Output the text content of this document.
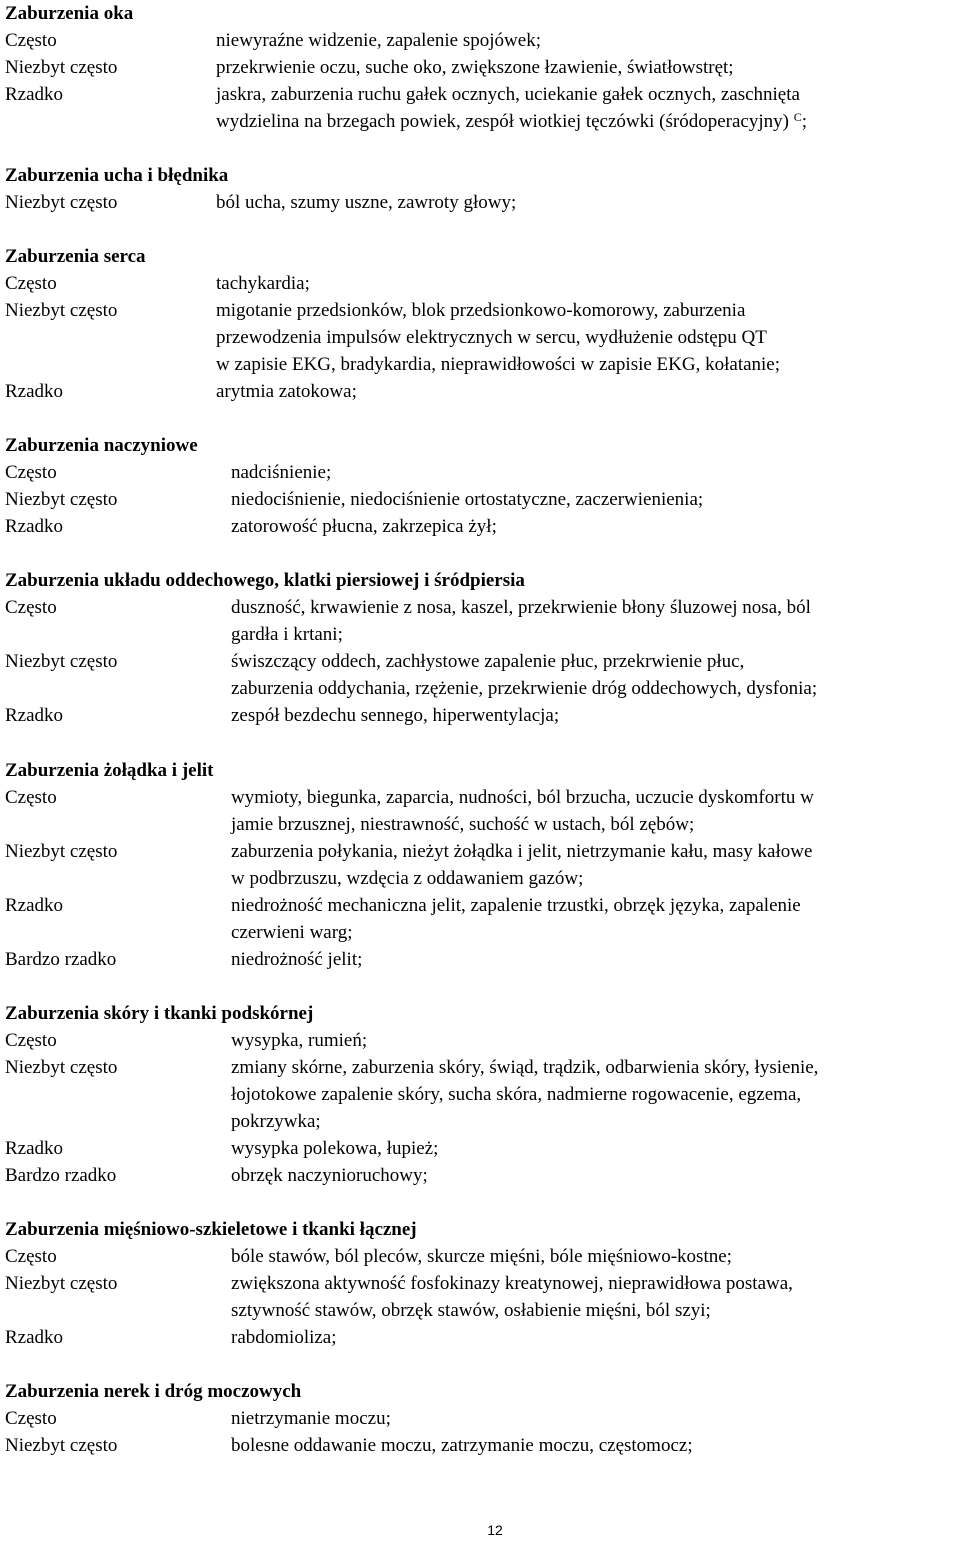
Zaburzenia oka
Często	niewyraźne widzenie, zapalenie spojówek;
Niezbyt często	przekrwienie oczu, suche oko, zwiększone łzawienie, światłowstręt;
Rzadko	jaskra, zaburzenia ruchu gałek ocznych, uciekanie gałek ocznych, zaschnięta
wydzielina na brzegach powiek, zespół wiotkiej tęczówki (śródoperacyjny) $^C$;
Zaburzenia ucha i błędnika
Niezbyt często	ból ucha, szumy uszne, zawroty głowy;
Zaburzenia serca
Często	tachykardia;
Niezbyt często	migotanie przedsionków, blok przedsionkowo-komorowy, zaburzenia
przewodzenia impulsów elektrycznych w sercu, wydłużenie odstępu QT
w zapisie EKG, bradykardia, nieprawidłowości w zapisie EKG, kołatanie;
Rzadko	arytmia zatokowa;
Zaburzenia naczyniowe
Często	nadciśnienie;
Niezbyt często	niedociśnienie, niedociśnienie ortostatyczne, zaczerwienienia;
Rzadko	zatorowość płucna, zakrzepica żył;
Zaburzenia układu oddechowego, klatki piersiowej i śródpiersia
Często	duszność, krwawienie z nosa, kaszel, przekrwienie błony śluzowej nosa, ból
gardła i krtani;
Niezbyt często	świszczący oddech, zachłystowe zapalenie płuc, przekrwienie płuc,
zaburzenia oddychania, rzężenie, przekrwienie dróg oddechowych, dysfonia;
Rzadko	zespół bezdechu sennego, hiperwentylacja;
Zaburzenia żołądka i jelit
Często	wymioty, biegunka, zaparcia, nudności, ból brzucha, uczucie dyskomfortu w
jamie brzusznej, niestrawność, suchość w ustach, ból zębów;
Niezbyt często	zaburzenia połykania, nieżyt żołądka i jelit, nietrzymanie kału, masy kałowe
w podbrzuszu, wzdęcia z oddawaniem gazów;
Rzadko	niedrożność mechaniczna jelit, zapalenie trzustki, obrzęk języka, zapalenie
czerwieni warg;
Bardzo rzadko	niedrożność jelit;
Zaburzenia skóry i tkanki podskórnej
Często	wysypka, rumień;
Niezbyt często	zmiany skórne, zaburzenia skóry, świąd, trądzik, odbarwienia skóry, łysienie,
łojotokowe zapalenie skóry, sucha skóra, nadmierne rogowacenie, egzema,
pokrzywka;
Rzadko	wysypka polekowa, łupież;
Bardzo rzadko	obrzęk naczynioruchowy;
Zaburzenia mięśniowo-szkieletowe i tkanki łącznej
Często	bóle stawów, ból pleców, skurcze mięśni, bóle mięśniowo-kostne;
Niezbyt często	zwiększona aktywność fosfokinazy kreatynowej, nieprawidłowa postawa,
sztywność stawów, obrzęk stawów, osłabienie mięśni, ból szyi;
Rzadko	rabdomioliza;
Zaburzenia nerek i dróg moczowych
Często	nietrzymanie moczu;
Niezbyt często	bolesne oddawanie moczu, zatrzymanie moczu, częstomocz;
12
